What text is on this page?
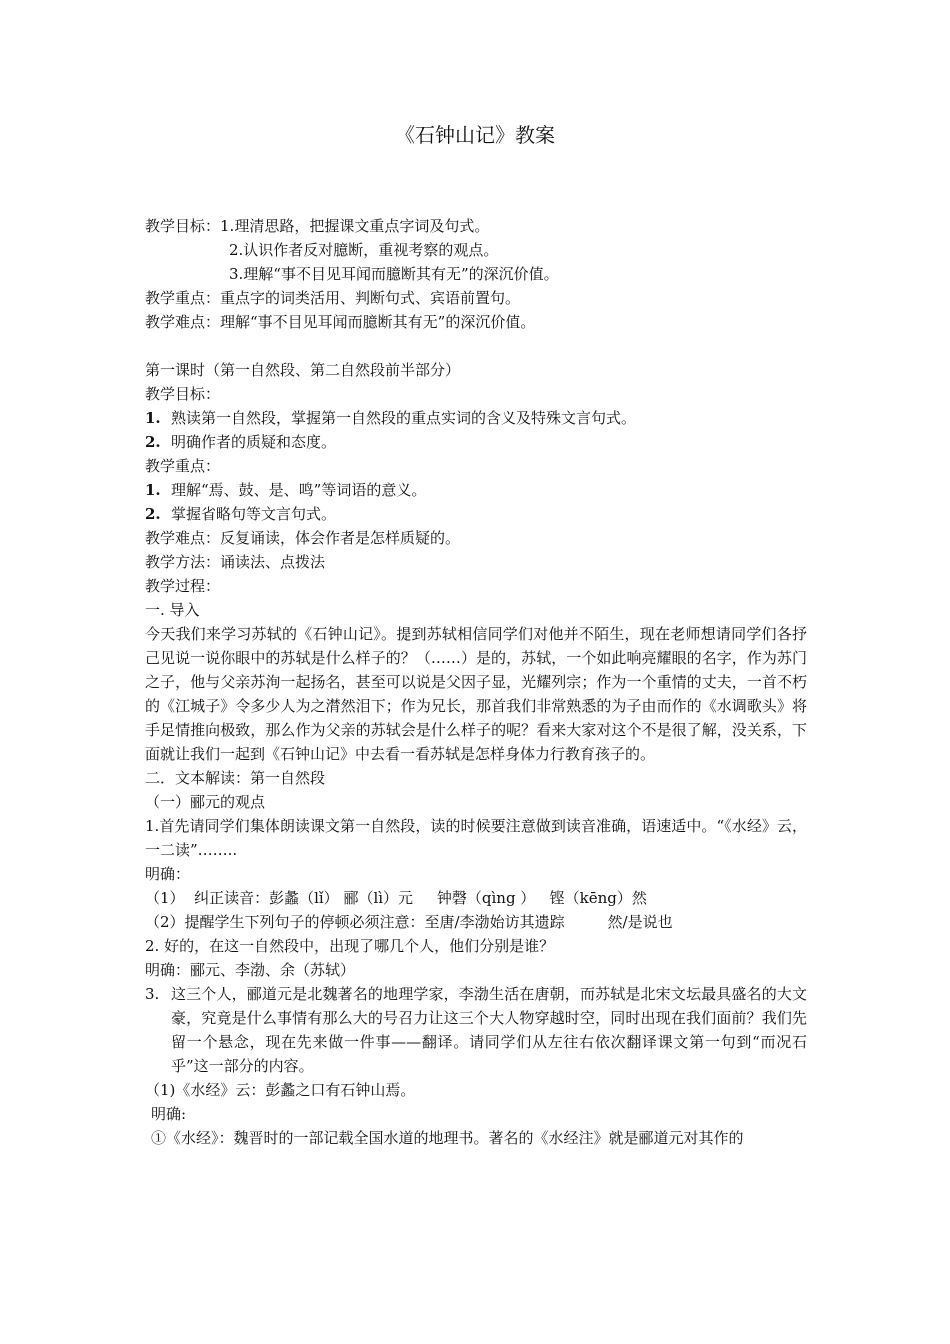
《石钟山记》教案
教学目标：1.理清思路，把握课文重点字词及句式。
2.认识作者反对臆断，重视考察的观点。
3.理解“事不目见耳闻而臆断其有无”的深沉价值。
教学重点：重点字的词类活用、判断句式、宾语前置句。
教学难点：理解“事不目见耳闻而臆断其有无”的深沉价值。
第一课时（第一自然段、第二自然段前半部分）
教学目标：
1. 熟读第一自然段，掌握第一自然段的重点实词的含义及特殊文言句式。
2. 明确作者的质疑和态度。
教学重点：
1. 理解“焉、鼓、是、鸣”等词语的意义。
2. 掌握省略句等文言句式。
教学难点：反复诵读，体会作者是怎样质疑的。
教学方法：诵读法、点拨法
教学过程：
一. 导入
今天我们来学习苏轼的《石钟山记》。提到苏轼相信同学们对他并不陌生，现在老师想请同学们各抒己见说一说你眼中的苏轼是什么样子的？（……）是的，苏轼，一个如此响亮耀眼的名字，作为苏门之子，他与父亲苏洵一起扬名，甚至可以说是父因子显，光耀列宗；作为一个重情的丈夫，一首不朽的《江城子》令多少人为之潸然泪下；作为兄长，那首我们非常熟悉的为子由而作的《水调歌头》将手足情推向极致，那么作为父亲的苏轼会是什么样子的呢？看来大家对这个不是很了解，没关系，下面就让我们一起到《石钟山记》中去看一看苏轼是怎样身体力行教育孩子的。
二．文本解读：第一自然段
（一）郦元的观点
1.首先请同学们集体朗读课文第一自然段，读的时候要注意做到读音准确，语速适中。“《水经》云，一二读”……..
明确：
（1）  纠正读音：彭蠡（lǐ） 郦（lì）元     钟磬（qìng ）   铿（kēng）然
（2）提醒学生下列句子的停顿必须注意：至唐/李渤始访其遗踪         然/是说也
2. 好的，在这一自然段中，出现了哪几个人，他们分别是谁？
明确：郦元、李渤、余（苏轼）
3. 这三个人，郦道元是北魏著名的地理学家，李渤生活在唐朝，而苏轼是北宋文坛最具盛名的大文豪，究竟是什么事情有那么大的号召力让这三个大人物穿越时空，同时出现在我们面前？我们先留一个悬念，现在先来做一件事——翻译。请同学们从左往右依次翻译课文第一句到“而况石乎”这一部分的内容。
（1)《水经》云：彭蠡之口有石钟山焉。
明确:
①《水经》：魏晋时的一部记载全国水道的地理书。著名的《水经注》就是郦道元对其作的
